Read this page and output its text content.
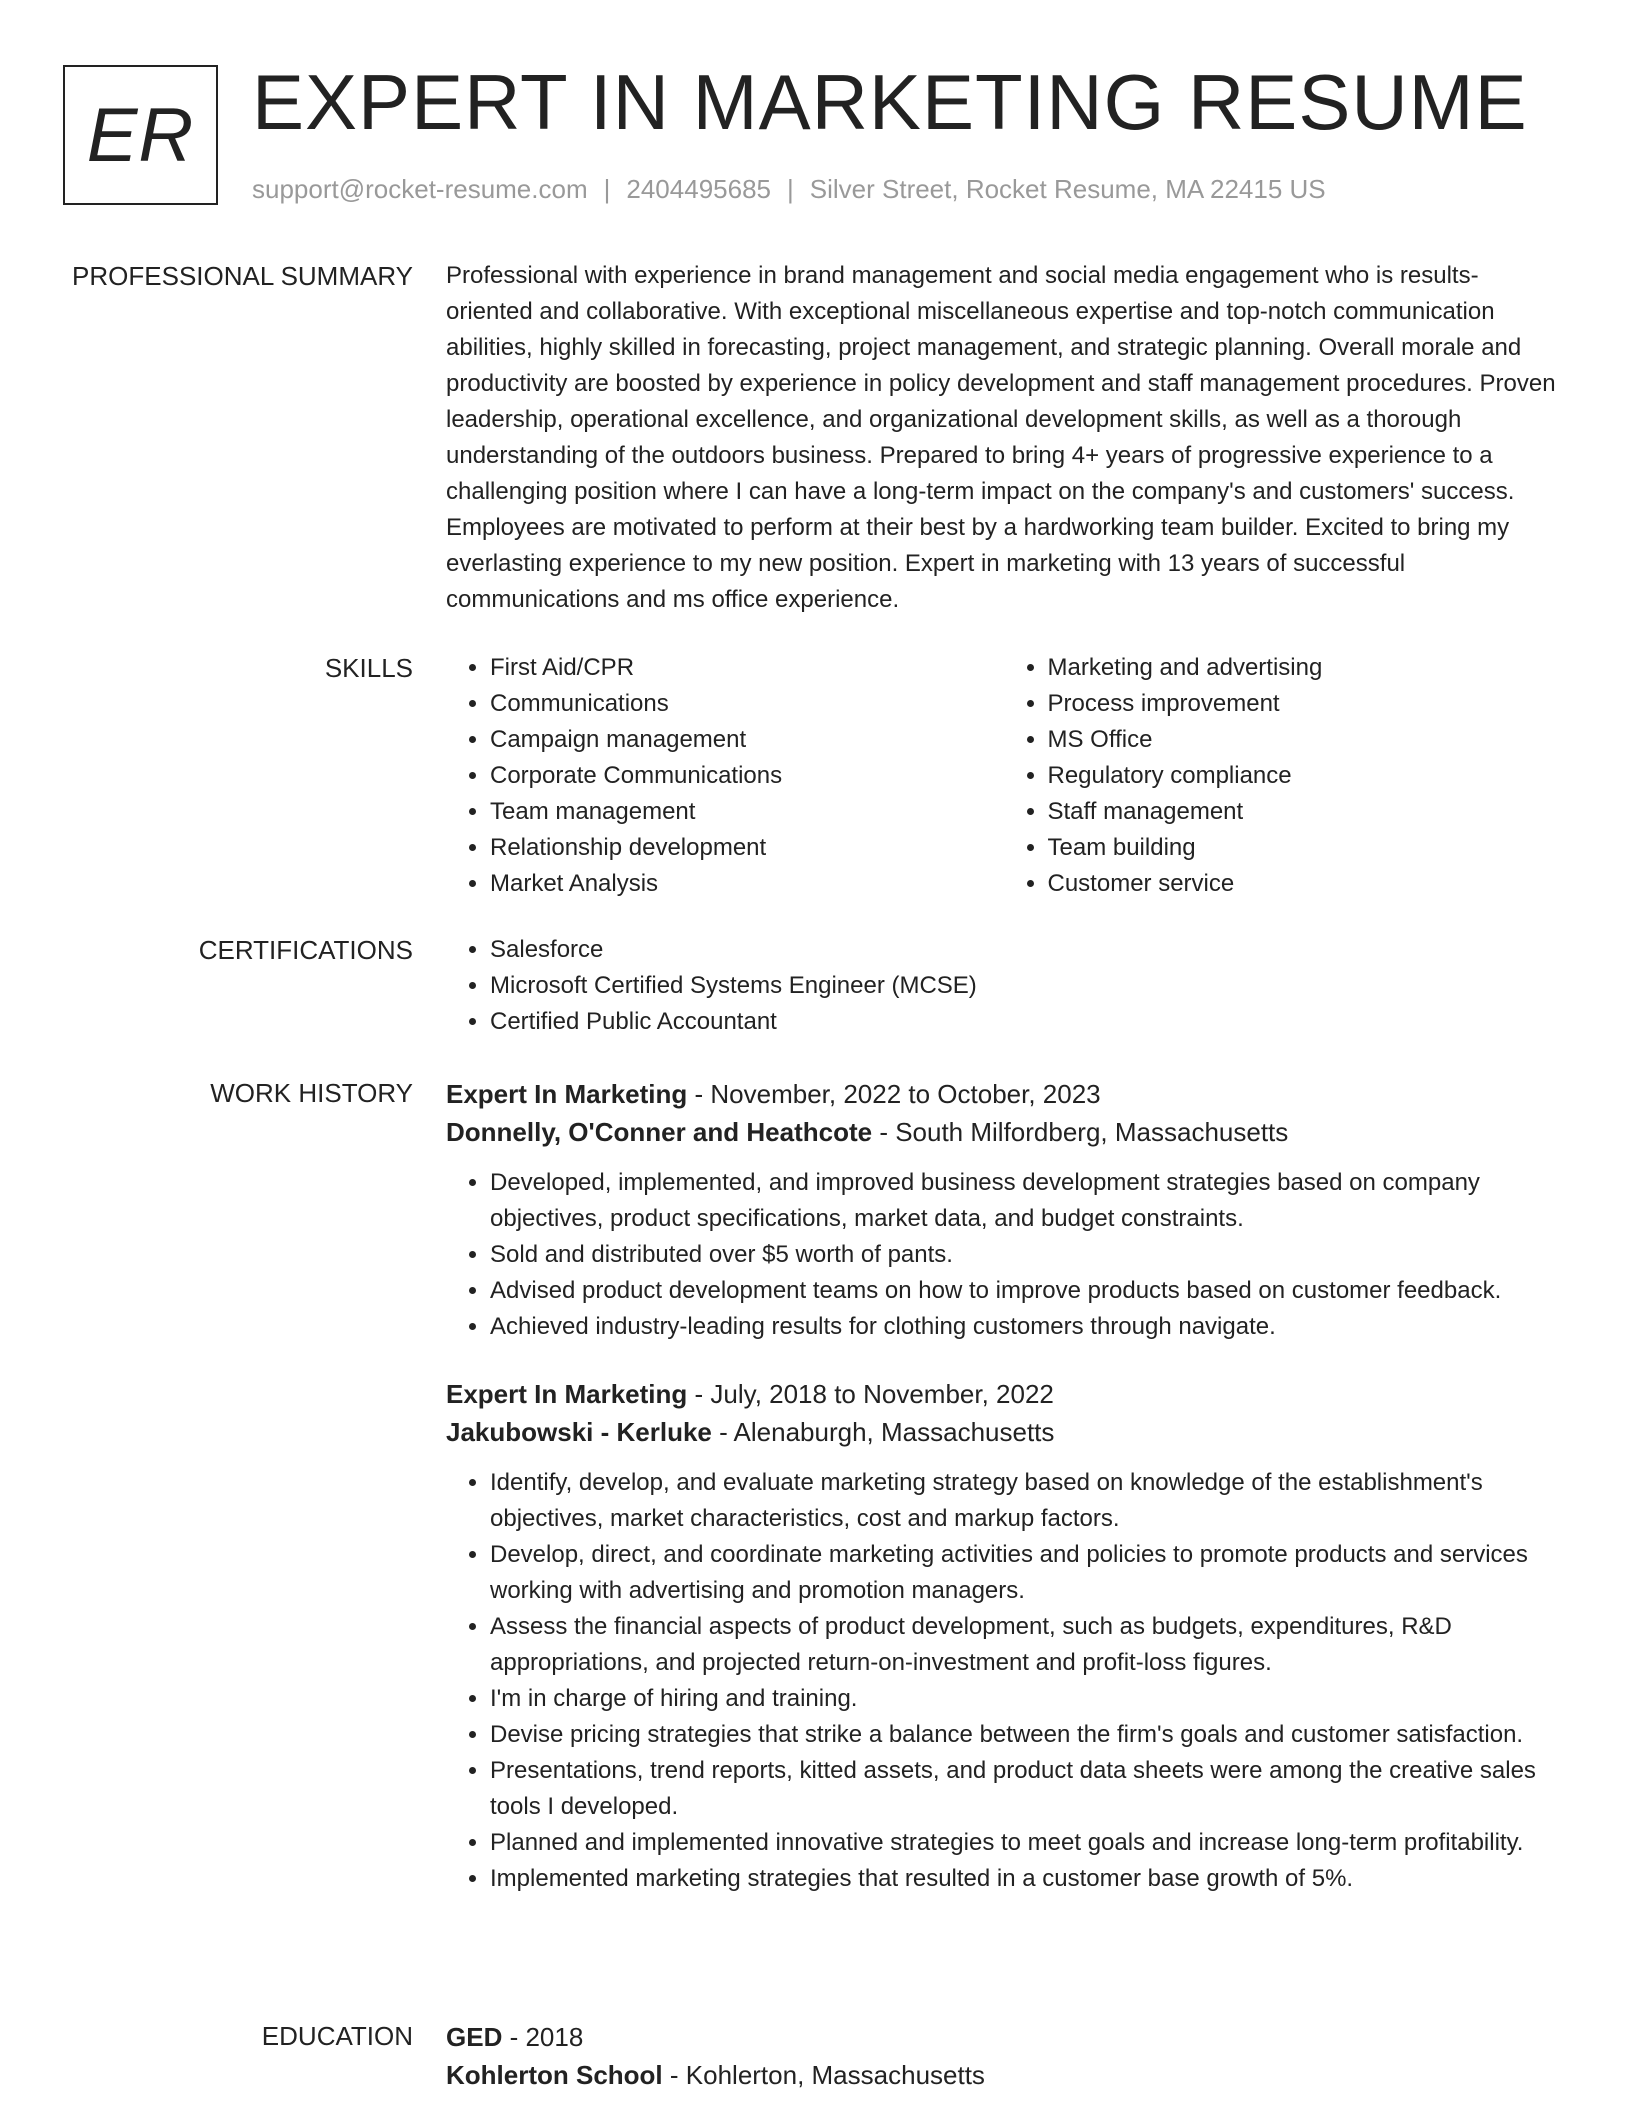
ER EXPERT IN MARKETING RESUME
support@rocket-resume.com | 2404495685 | Silver Street, Rocket Resume, MA 22415 US
PROFESSIONAL SUMMARY Professional with experience in brand management and social media engagement who is results-oriented and collaborative. With exceptional miscellaneous expertise and top-notch communication abilities, highly skilled in forecasting, project management, and strategic planning. Overall morale and productivity are boosted by experience in policy development and staff management procedures. Proven leadership, operational excellence, and organizational development skills, as well as a thorough understanding of the outdoors business. Prepared to bring 4+ years of progressive experience to a challenging position where I can have a long-term impact on the company's and customers' success. Employees are motivated to perform at their best by a hardworking team builder. Excited to bring my everlasting experience to my new position. Expert in marketing with 13 years of successful communications and ms office experience.

SKILLS	• First Aid/CPR
• Communications
• Campaign management
• Corporate Communications
• Team management
• Relationship development
• Market Analysis
• Marketing and advertising
• Process improvement
• MS Office
• Regulatory compliance
• Staff management
• Team building
• Customer service
CERTIFICATIONS	• Salesforce
• Microsoft Certified Systems Engineer (MCSE)
• Certified Public Accountant
WORK HISTORY Expert In Marketing - November, 2022 to October, 2023
Donnelly, O'Conner and Heathcote - South Milfordberg, Massachusetts
• Developed, implemented, and improved business development strategies based on company objectives, product specifications, market data, and budget constraints.
• Sold and distributed over $5 worth of pants.
• Advised product development teams on how to improve products based on customer feedback.
• Achieved industry-leading results for clothing customers through navigate.
Expert In Marketing - July, 2018 to November, 2022
Jakubowski - Kerluke - Alenaburgh, Massachusetts
• Identify, develop, and evaluate marketing strategy based on knowledge of the establishment's objectives, market characteristics, cost and markup factors.
• Develop, direct, and coordinate marketing activities and policies to promote products and services working with advertising and promotion managers.
• Assess the financial aspects of product development, such as budgets, expenditures, R&D appropriations, and projected return-on-investment and profit-loss figures.
• I'm in charge of hiring and training.
• Devise pricing strategies that strike a balance between the firm's goals and customer satisfaction.
• Presentations, trend reports, kitted assets, and product data sheets were among the creative sales tools I developed.
• Planned and implemented innovative strategies to meet goals and increase long-term profitability.
• Implemented marketing strategies that resulted in a customer base growth of 5%.
EDUCATION GED - 2018
Kohlerton School - Kohlerton, Massachusetts
